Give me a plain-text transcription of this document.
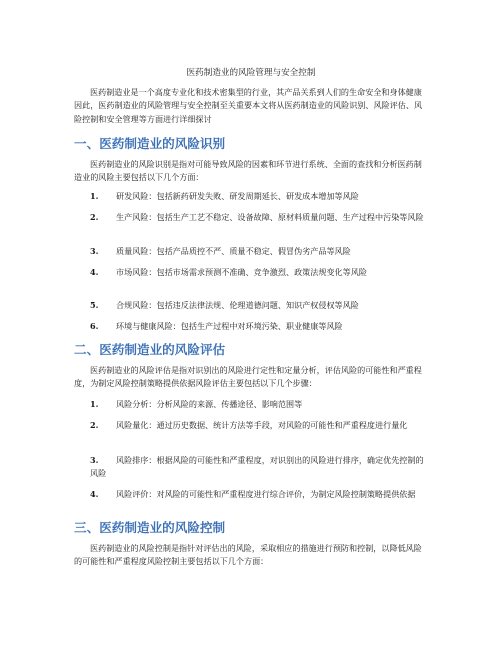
医药制造业的风险管理与安全控制
医药制造业是一个高度专业化和技术密集型的行业，其产品关系到人们的生命安全和身体健康因此，医药制造业的风险管理与安全控制至关重要本文将从医药制造业的风险识别、风险评估、风险控制和安全管理等方面进行详细探讨
一、医药制造业的风险识别
医药制造业的风险识别是指对可能导致风险的因素和环节进行系统、全面的查找和分析医药制造业的风险主要包括以下几个方面：
1. 研发风险：包括新药研发失败、研发周期延长、研发成本增加等风险
2. 生产风险：包括生产工艺不稳定、设备故障、原材料质量问题、生产过程中污染等风险
3. 质量风险：包括产品质控不严、质量不稳定、假冒伪劣产品等风险
4. 市场风险：包括市场需求预测不准确、竞争激烈、政策法规变化等风险
5. 合规风险：包括违反法律法规、伦理道德问题、知识产权侵权等风险
6. 环境与健康风险：包括生产过程中对环境污染、职业健康等风险
二、医药制造业的风险评估
医药制造业的风险评估是指对识别出的风险进行定性和定量分析，评估风险的可能性和严重程度，为制定风险控制策略提供依据风险评估主要包括以下几个步骤：
1. 风险分析：分析风险的来源、传播途径、影响范围等
2. 风险量化：通过历史数据、统计方法等手段，对风险的可能性和严重程度进行量化
3. 风险排序：根据风险的可能性和严重程度，对识别出的风险进行排序，确定优先控制的风险
4. 风险评价：对风险的可能性和严重程度进行综合评价，为制定风险控制策略提供依据
三、医药制造业的风险控制
医药制造业的风险控制是指针对评估出的风险，采取相应的措施进行预防和控制，以降低风险的可能性和严重程度风险控制主要包括以下几个方面：
